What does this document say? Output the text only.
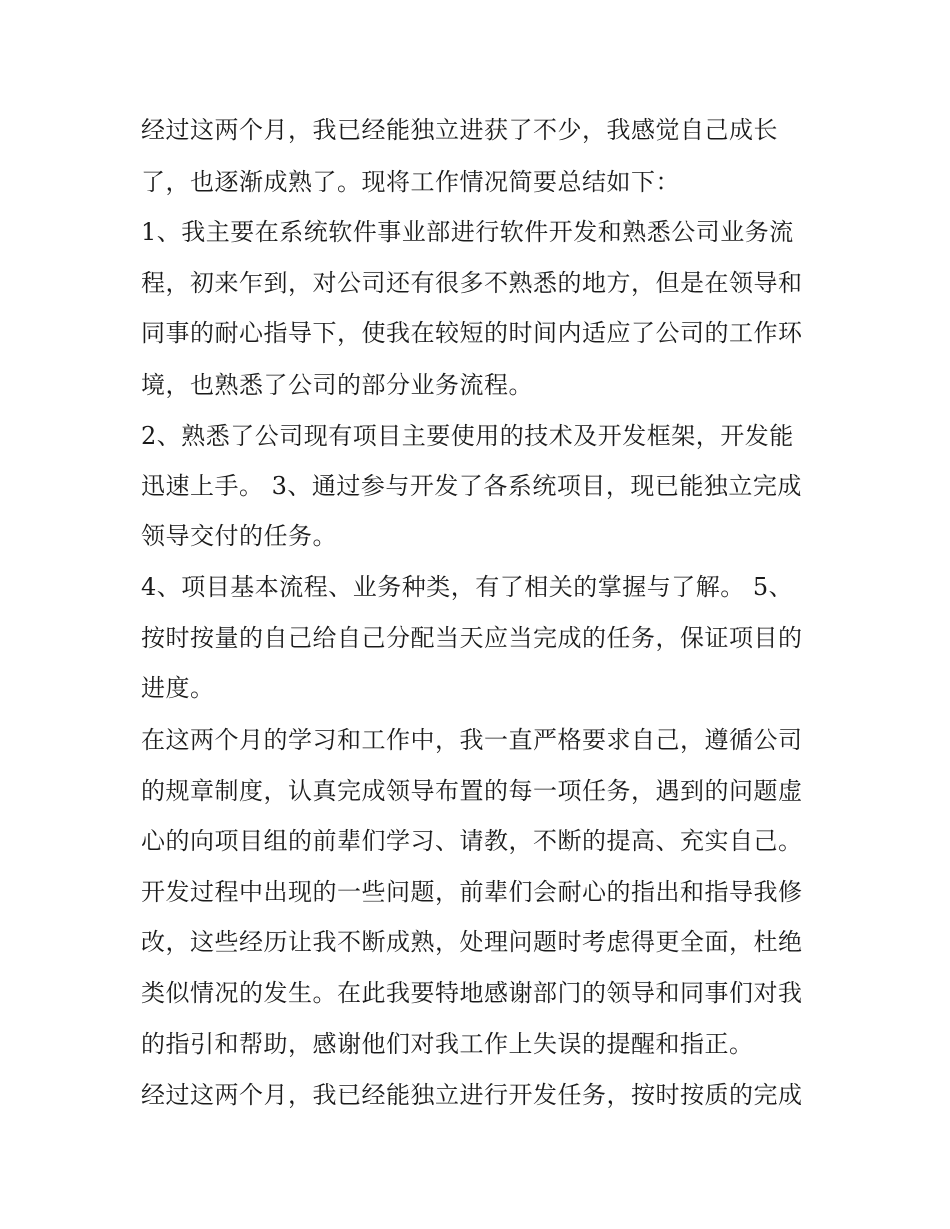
经过这两个月，我已经能独立进获了不少，我感觉自己成长
了，也逐渐成熟了。现将工作情况简要总结如下：
1、我主要在系统软件事业部进行软件开发和熟悉公司业务流
程，初来乍到，对公司还有很多不熟悉的地方，但是在领导和
同事的耐心指导下，使我在较短的时间内适应了公司的工作环
境，也熟悉了公司的部分业务流程。
2、熟悉了公司现有项目主要使用的技术及开发框架，开发能
迅速上手。 3、通过参与开发了各系统项目，现已能独立完成
领导交付的任务。
4、项目基本流程、业务种类，有了相关的掌握与了解。 5、
按时按量的自己给自己分配当天应当完成的任务，保证项目的
进度。
在这两个月的学习和工作中，我一直严格要求自己，遵循公司
的规章制度，认真完成领导布置的每一项任务，遇到的问题虚
心的向项目组的前辈们学习、请教，不断的提高、充实自己。
开发过程中出现的一些问题，前辈们会耐心的指出和指导我修
改，这些经历让我不断成熟，处理问题时考虑得更全面，杜绝
类似情况的发生。在此我要特地感谢部门的领导和同事们对我
的指引和帮助，感谢他们对我工作上失误的提醒和指正。
经过这两个月，我已经能独立进行开发任务，按时按质的完成
